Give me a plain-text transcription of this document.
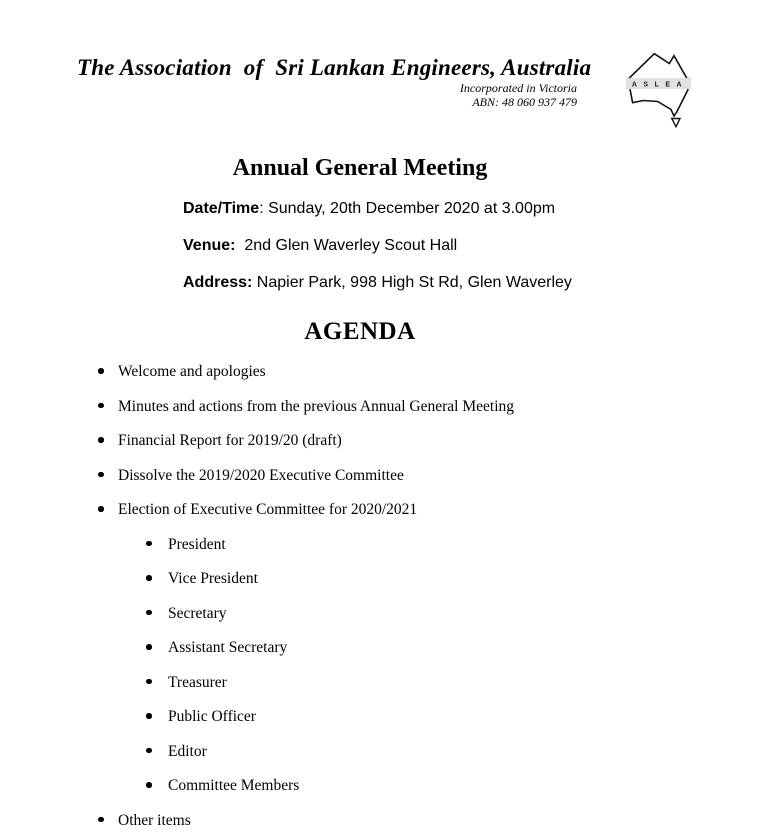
The Association  of  Sri Lankan Engineers, Australia
Incorporated in Victoria
ABN: 48 060 937 479
ASLEA
Annual General Meeting

Date/Time: Sunday, 20th December 2020 at 3.00pm

Venue:  2nd Glen Waverley Scout Hall

Address: Napier Park, 998 High St Rd, Glen Waverley

AGENDA
Welcome and apologies
Minutes and actions from the previous Annual General Meeting
Financial Report for 2019/20 (draft)
Dissolve the 2019/2020 Executive Committee
Election of Executive Committee for 2020/2021
President
Vice President
Secretary
Assistant Secretary
Treasurer
Public Officer
Editor
Committee Members
Other items
